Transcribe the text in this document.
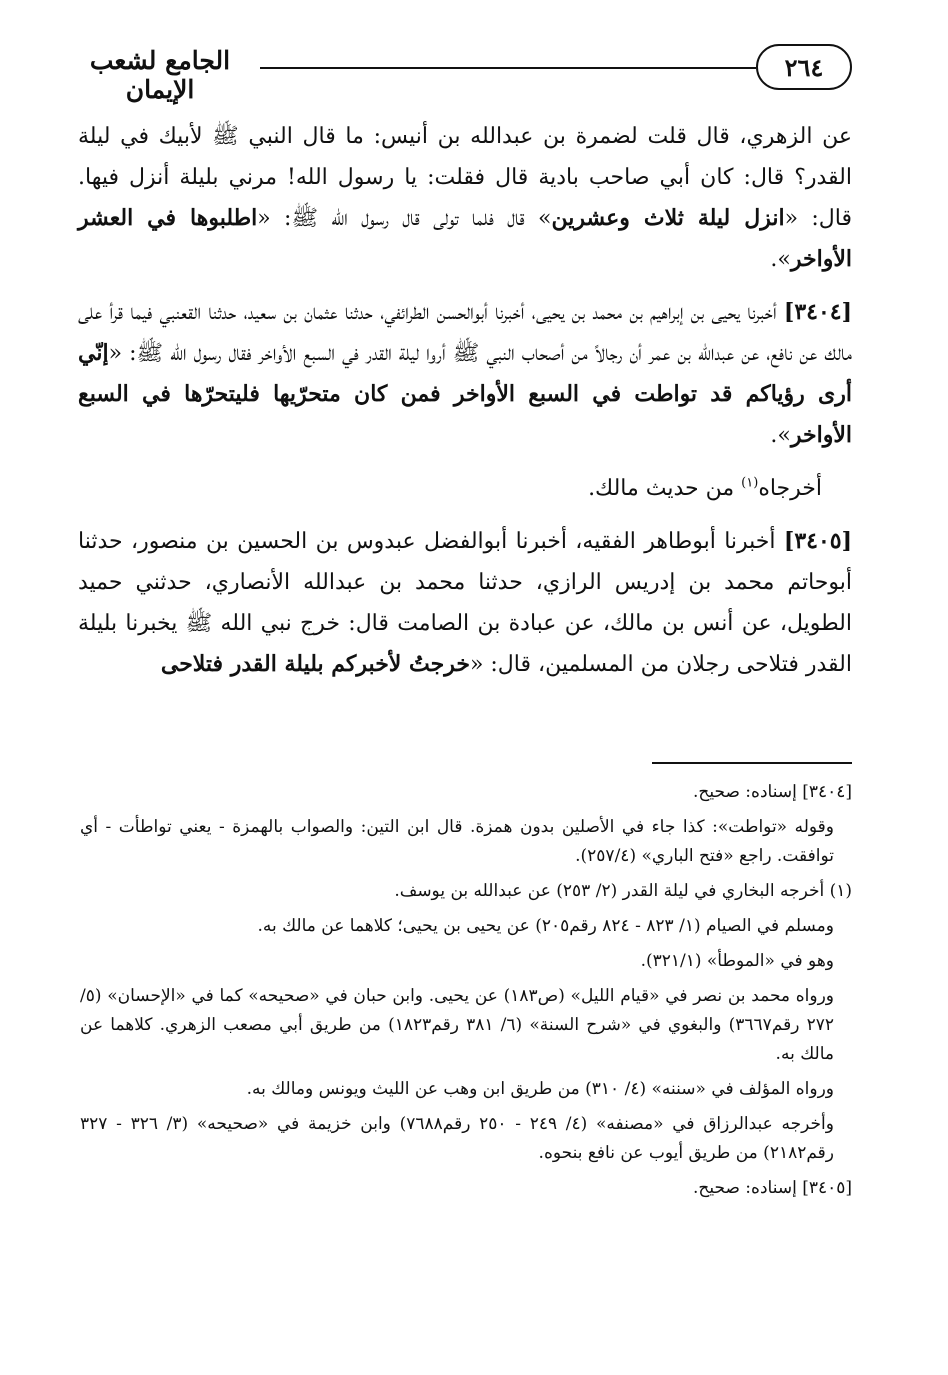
٢٦٤
الجامع لشعب الإيمان

عن الزهري، قال قلت لضمرة بن عبدالله بن أنيس: ما قال النبي ﷺ لأبيك في ليلة القدر؟ قال: كان أبي صاحب بادية قال فقلت: يا رسول الله! مرني بليلة أنزل فيها. قال: «انزل ليلة ثلاث وعشرين» قال فلما تولى قال رسول الله ﷺ: «اطلبوها في العشر الأواخر».

[٣٤٠٤] أخبرنا يحيى بن إبراهيم بن محمد بن يحيى، أخبرنا أبوالحسن الطرائفي، حدثنا عثمان بن سعيد، حدثنا القعنبي فيما قرأ على مالك عن نافع، عن عبدالله بن عمر أن رجالاً من أصحاب النبي ﷺ أروا ليلة القدر في السبع الأواخر فقال رسول الله ﷺ: «إنّي أرى رؤياكم قد تواطت في السبع الأواخر فمن كان متحرّيها فليتحرّها في السبع الأواخر».

أخرجاه$^{(١)}$ من حديث مالك.

[٣٤٠٥] أخبرنا أبوطاهر الفقيه، أخبرنا أبوالفضل عبدوس بن الحسين بن منصور، حدثنا أبوحاتم محمد بن إدريس الرازي، حدثنا محمد بن عبدالله الأنصاري، حدثني حميد الطويل، عن أنس بن مالك، عن عبادة بن الصامت قال: خرج نبي الله ﷺ يخبرنا بليلة القدر فتلاحى رجلان من المسلمين، قال: «خرجتُ لأخبركم بليلة القدر فتلاحى

[٣٤٠٤] إسناده: صحيح.

وقوله «تواطت»: كذا جاء في الأصلين بدون همزة. قال ابن التين: والصواب بالهمزة - يعني تواطأت - أي توافقت. راجع «فتح الباري» (٢٥٧/٤).

(١) أخرجه البخاري في ليلة القدر (٢/ ٢٥٣) عن عبدالله بن يوسف.

ومسلم في الصيام (١/ ٨٢٣ - ٨٢٤ رقم٢٠٥) عن يحيى بن يحيى؛ كلاهما عن مالك به.

وهو في «الموطأ» (٣٢١/١).

ورواه محمد بن نصر في «قيام الليل» (ص١٨٣) عن يحيى. وابن حبان في «صحيحه» كما في «الإحسان» (٥/ ٢٧٢ رقم٣٦٦٧) والبغوي في «شرح السنة» (٦/ ٣٨١ رقم١٨٢٣) من طريق أبي مصعب الزهري. كلاهما عن مالك به.

ورواه المؤلف في «سننه» (٤/ ٣١٠) من طريق ابن وهب عن الليث ويونس ومالك به.

وأخرجه عبدالرزاق في «مصنفه» (٤/ ٢٤٩ - ٢٥٠ رقم٧٦٨٨) وابن خزيمة في «صحيحه» (٣/ ٣٢٦ - ٣٢٧ رقم٢١٨٢) من طريق أيوب عن نافع بنحوه.

[٣٤٠٥] إسناده: صحيح.
